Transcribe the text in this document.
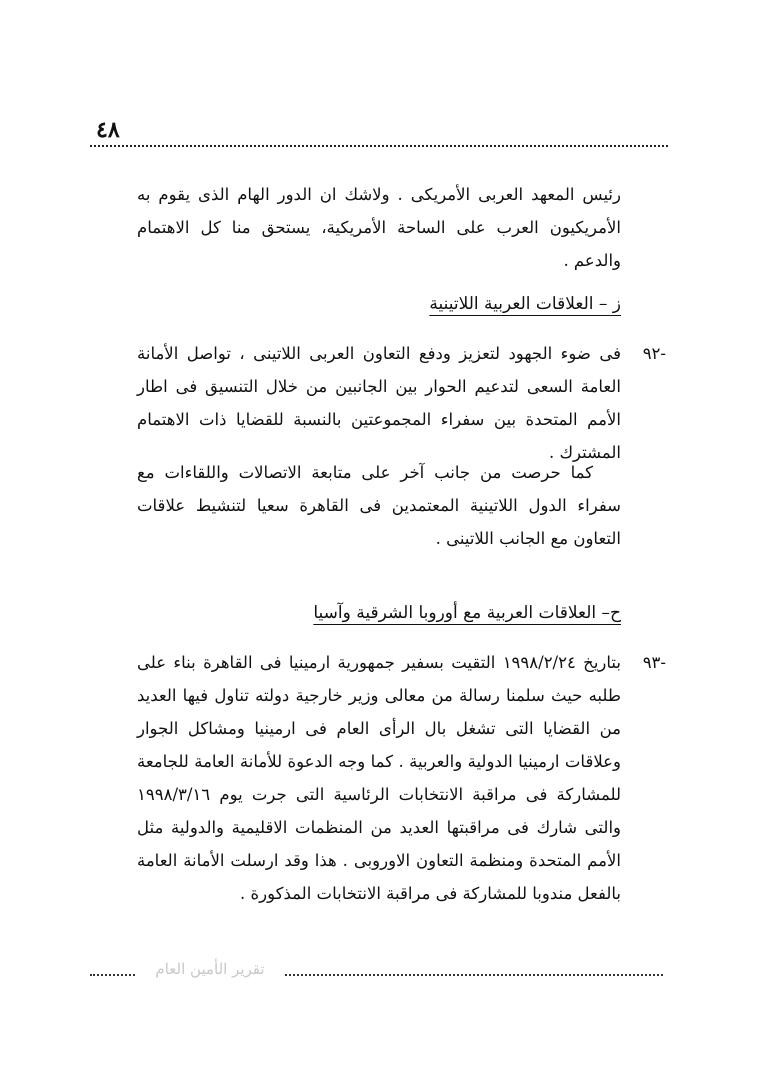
٤٨

رئيس المعهد العربى الأمريكى . ولاشك ان الدور الهام الذى يقوم به الأمريكيون العرب على الساحة الأمريكية، يستحق منا كل الاهتمام والدعم .

ز – العلاقات العربية اللاتينية
-٩٢

فى ضوء الجهود لتعزيز ودفع التعاون العربى اللاتينى ، تواصل الأمانة العامة السعى لتدعيم الحوار بين الجانبين من خلال التنسيق فى اطار الأمم المتحدة بين سفراء المجموعتين بالنسبة للقضايا ذات الاهتمام المشترك .

كما حرصت من جانب آخر على متابعة الاتصالات واللقاءات مع سفراء الدول اللاتينية المعتمدين فى القاهرة سعيا لتنشيط علاقات التعاون مع الجانب اللاتينى .

ح– العلاقات العربية مع أوروبا الشرقية وآسيا
-٩٣

بتاريخ ١٩٩٨/٢/٢٤ التقيت بسفير جمهورية ارمينيا فى القاهرة بناء على طلبه حيث سلمنا رسالة من معالى وزير خارجية دولته تناول فيها العديد من القضايا التى تشغل بال الرأى العام فى ارمينيا ومشاكل الجوار وعلاقات ارمينيا الدولية والعربية . كما وجه الدعوة للأمانة العامة للجامعة للمشاركة فى مراقبة الانتخابات الرئاسية التى جرت يوم ١٩٩٨/٣/١٦ والتى شارك فى مراقبتها العديد من المنظمات الاقليمية والدولية مثل الأمم المتحدة ومنظمة التعاون الاوروبى . هذا وقد ارسلت الأمانة العامة بالفعل مندوبا للمشاركة فى مراقبة الانتخابات المذكورة .

تقرير الأمين العام
